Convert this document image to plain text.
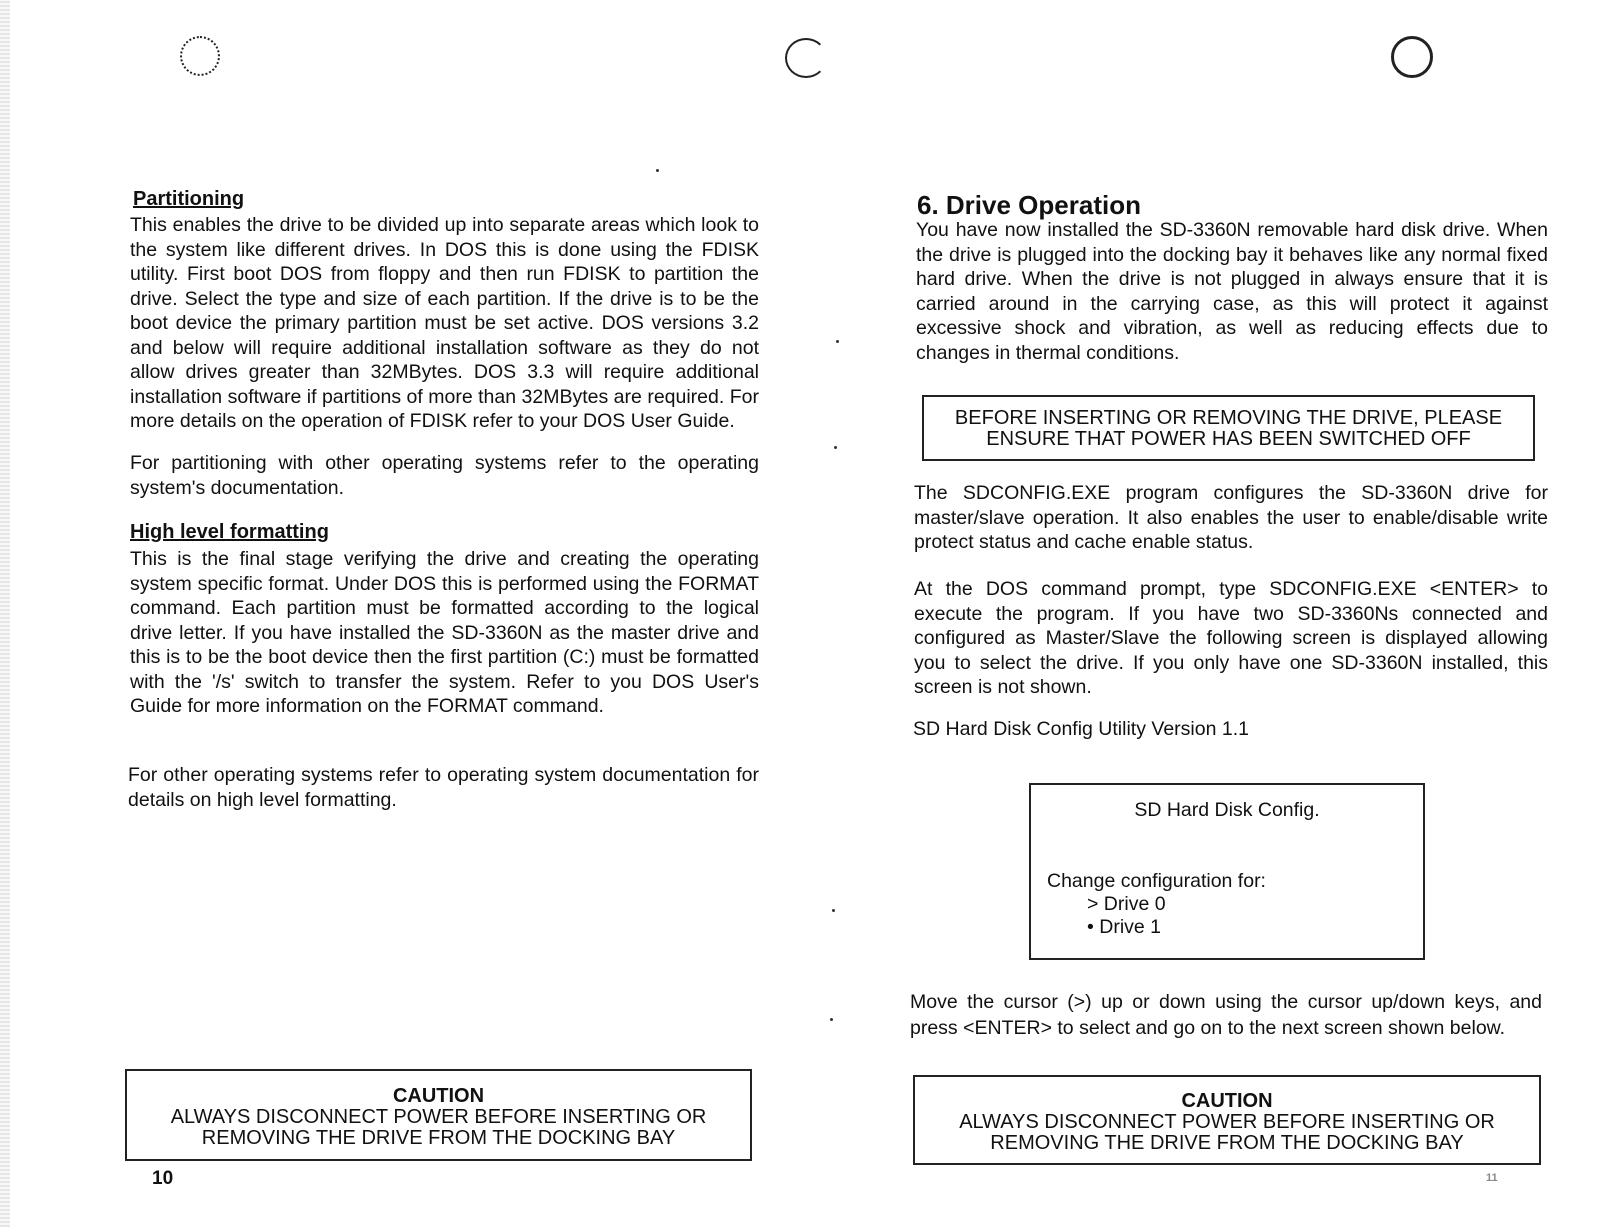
Partitioning

This enables the drive to be divided up into separate areas which look to the system like different drives. In DOS this is done using the FDISK utility. First boot DOS from floppy and then run FDISK to partition the drive. Select the type and size of each partition. If the drive is to be the boot device the primary partition must be set active. DOS versions 3.2 and below will require additional installation software as they do not allow drives greater than 32MBytes. DOS 3.3 will require additional installation software if partitions of more than 32MBytes are required. For more details on the operation of FDISK refer to your DOS User Guide.

For partitioning with other operating systems refer to the operating system's documentation.

High level formatting

This is the final stage verifying the drive and creating the operating system specific format. Under DOS this is performed using the FORMAT command. Each partition must be formatted according to the logical drive letter. If you have installed the SD-3360N as the master drive and this is to be the boot device then the first partition (C:) must be formatted with the '/s' switch to transfer the system. Refer to you DOS User's Guide for more information on the FORMAT command.

For other operating systems refer to operating system documentation for details on high level formatting.

CAUTION
ALWAYS DISCONNECT POWER BEFORE INSERTING OR
REMOVING THE DRIVE FROM THE DOCKING BAY
10
6. Drive Operation

You have now installed the SD-3360N removable hard disk drive. When the drive is plugged into the docking bay it behaves like any normal fixed hard drive. When the drive is not plugged in always ensure that it is carried around in the carrying case, as this will protect it against excessive shock and vibration, as well as reducing effects due to changes in thermal conditions.

BEFORE INSERTING OR REMOVING THE DRIVE, PLEASE
ENSURE THAT POWER HAS BEEN SWITCHED OFF

The SDCONFIG.EXE program configures the SD-3360N drive for master/slave operation. It also enables the user to enable/disable write protect status and cache enable status.

At the DOS command prompt, type SDCONFIG.EXE <ENTER> to execute the program. If you have two SD-3360Ns connected and configured as Master/Slave the following screen is displayed allowing you to select the drive. If you only have one SD-3360N installed, this screen is not shown.

SD Hard Disk Config Utility Version 1.1
SD Hard Disk Config.
Change configuration for:
> Drive 0
• Drive 1

Move the cursor (>) up or down using the cursor up/down keys, and press <ENTER> to select and go on to the next screen shown below.

CAUTION
ALWAYS DISCONNECT POWER BEFORE INSERTING OR
REMOVING THE DRIVE FROM THE DOCKING BAY
11
